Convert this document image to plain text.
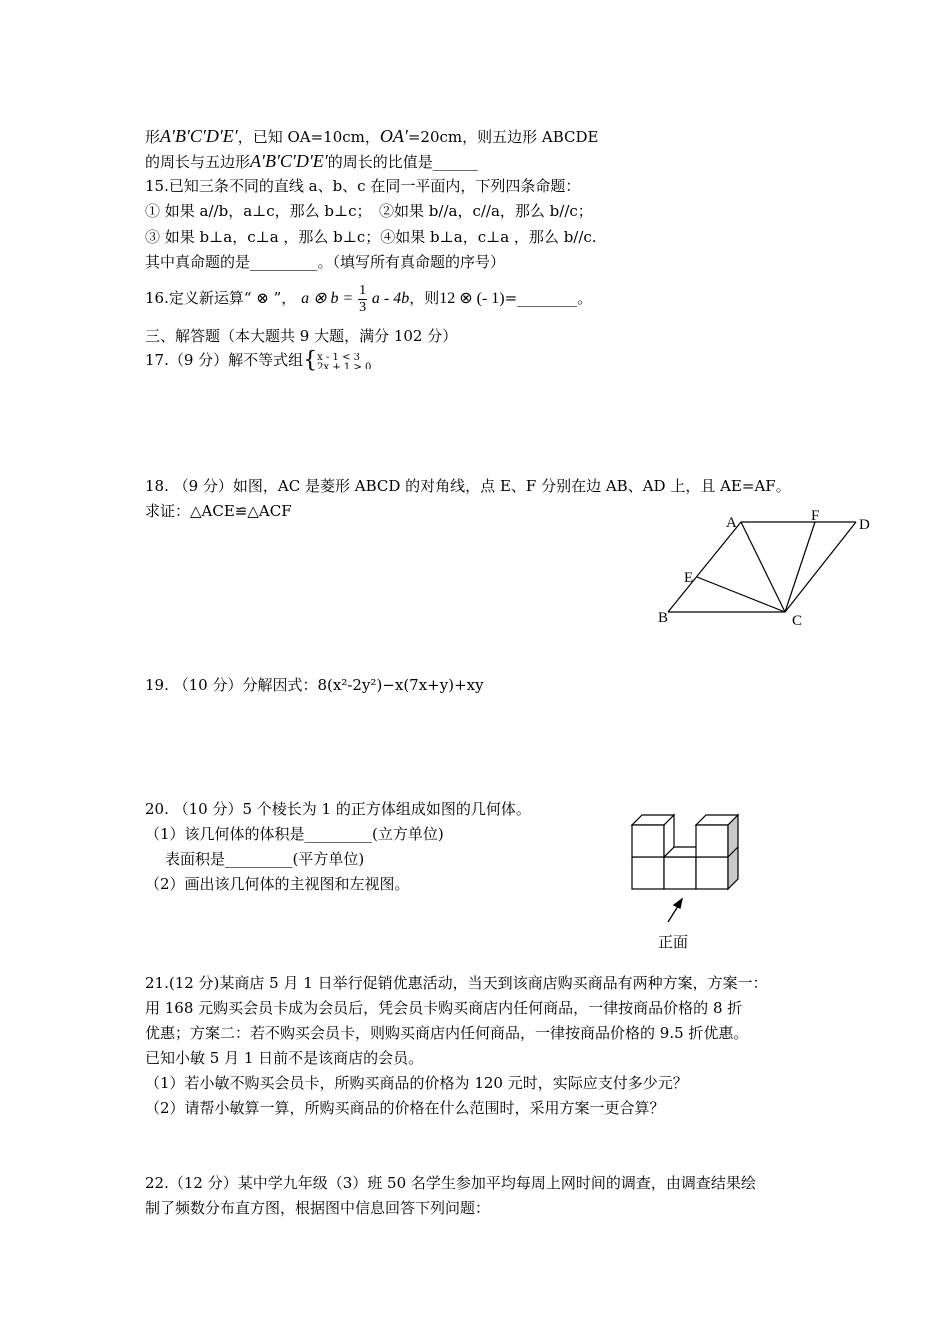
形A′B′C′D′E′，已知 OA=10cm，OA′=20cm，则五边形 ABCDE
的周长与五边形A′B′C′D′E′的周长的比值是______
15.已知三条不同的直线 a、b、c 在同一平面内，下列四条命题：
① 如果 a//b，a⊥c，那么 b⊥c；　②如果 b//a，c//a，那么 b//c；
③ 如果 b⊥a，c⊥a ，那么 b⊥c；④如果 b⊥a，c⊥a ，那么 b//c.
其中真命题的是_________。（填写所有真命题的序号）
16.定义新运算“ ⊗ ”， a ⊗ $b = \frac{1}{3}$ a - 4b，则12 ⊗ (- 1)=________。
三、解答题（本大题共 9 大题，满分 102 分）
17.（9 分）解不等式组{ x - 1 < 3
2x + 1 > 0
18. （9 分）如图，AC 是菱形 ABCD 的对角线，点 E、F 分别在边 AB、AD 上，且 AE=AF。
求证：△ACE≌△ACF
A	F
D
E
B	C
19. （10 分）分解因式：8(x²-2y²)−x(7x+y)+xy
20. （10 分）5 个棱长为 1 的正方体组成如图的几何体。
（1）该几何体的体积是_________(立方单位)
表面积是_________(平方单位)
（2）画出该几何体的主视图和左视图。
正面
21.(12 分)某商店 5 月 1 日举行促销优惠活动，当天到该商店购买商品有两种方案，方案一：
用 168 元购买会员卡成为会员后，凭会员卡购买商店内任何商品，一律按商品价格的 8 折
优惠；方案二：若不购买会员卡，则购买商店内任何商品，一律按商品价格的 9.5 折优惠。
已知小敏 5 月 1 日前不是该商店的会员。
（1）若小敏不购买会员卡，所购买商品的价格为 120 元时，实际应支付多少元？
（2）请帮小敏算一算，所购买商品的价格在什么范围时，采用方案一更合算？
22.（12 分）某中学九年级（3）班 50 名学生参加平均每周上网时间的调查，由调查结果绘
制了频数分布直方图，根据图中信息回答下列问题：
